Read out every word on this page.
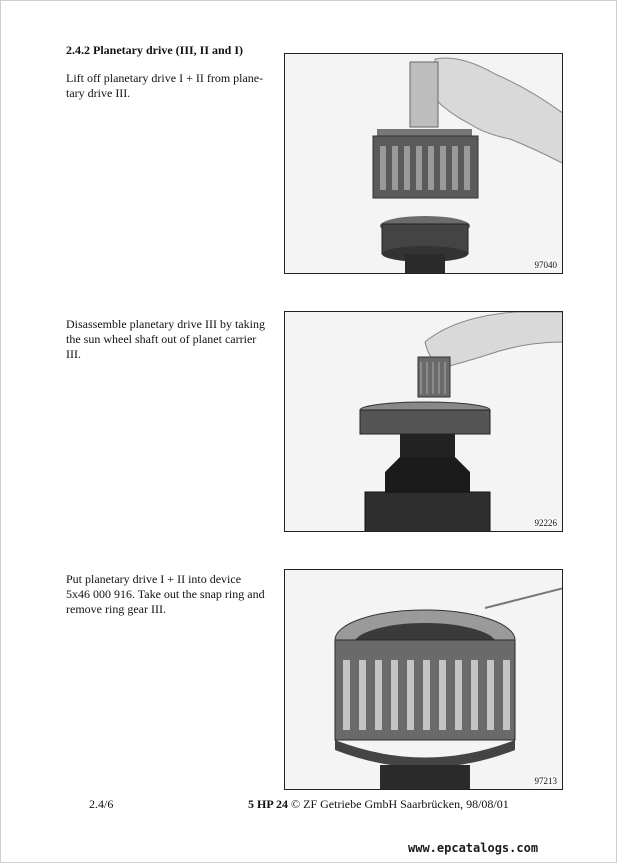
2.4.2 Planetary drive (III, II and I)
Lift off planetary drive I + II from plane-
tary drive III.
97040
Disassemble planetary drive III by taking
the sun wheel shaft out of planet carrier
III.
92226
Put planetary drive I + II into device
5x46 000 916. Take out the snap ring and
remove ring gear III.
97213
2.4/6	5 HP 24 © ZF Getriebe GmbH Saarbrücken, 98/08/01
www.epcatalogs.com
